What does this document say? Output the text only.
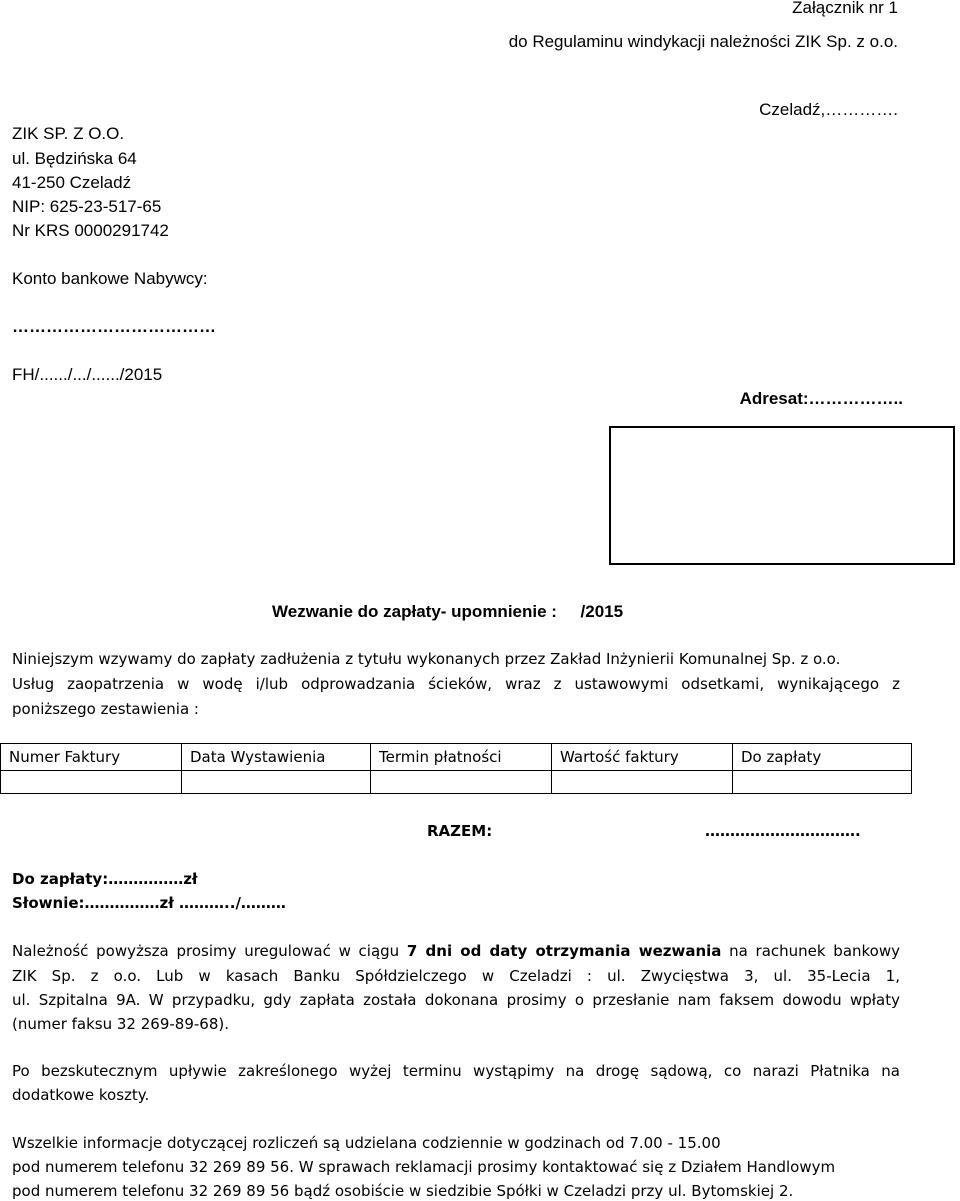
Załącznik nr 1
do Regulaminu windykacji należności ZIK Sp. z o.o.
Czeladź,………….
ZIK SP. Z O.O.
ul. Będzińska 64
41-250 Czeladź
NIP: 625-23-517-65
Nr KRS 0000291742
Konto bankowe Nabywcy:
………………………………
FH/....../.../....../2015
Adresat:……………..
Wezwanie do zapłaty- upomnienie :     /2015
Niniejszym wzywamy do zapłaty zadłużenia z tytułu wykonanych przez Zakład Inżynierii Komunalnej Sp. z o.o.
Usług zaopatrzenia w wodę i/lub odprowadzania ścieków, wraz z ustawowymi odsetkami, wynikającego z
poniższego zestawienia :
Numer Faktury	Data Wystawienia	Termin płatności	Wartość faktury	Do zapłaty

RAZEM:	………………………….
Do zapłaty:……………zł
Słownie:……………zł ………../………
Należność powyższa prosimy uregulować w ciągu 7 dni od daty otrzymania wezwania na rachunek bankowy
ZIK Sp. z o.o. Lub w kasach Banku Spółdzielczego w Czeladzi : ul. Zwycięstwa 3, ul. 35-Lecia 1,
ul. Szpitalna 9A. W przypadku, gdy zapłata została dokonana prosimy o przesłanie nam faksem dowodu wpłaty
(numer faksu 32 269-89-68).
Po bezskutecznym upływie zakreślonego wyżej terminu wystąpimy na drogę sądową, co narazi Płatnika na
dodatkowe koszty.
Wszelkie informacje dotyczącej rozliczeń są udzielana codziennie w godzinach od 7.00 - 15.00
pod numerem telefonu 32 269 89 56. W sprawach reklamacji prosimy kontaktować się z Działem Handlowym
pod numerem telefonu 32 269 89 56 bądź osobiście w siedzibie Spółki w Czeladzi przy ul. Bytomskiej 2.
